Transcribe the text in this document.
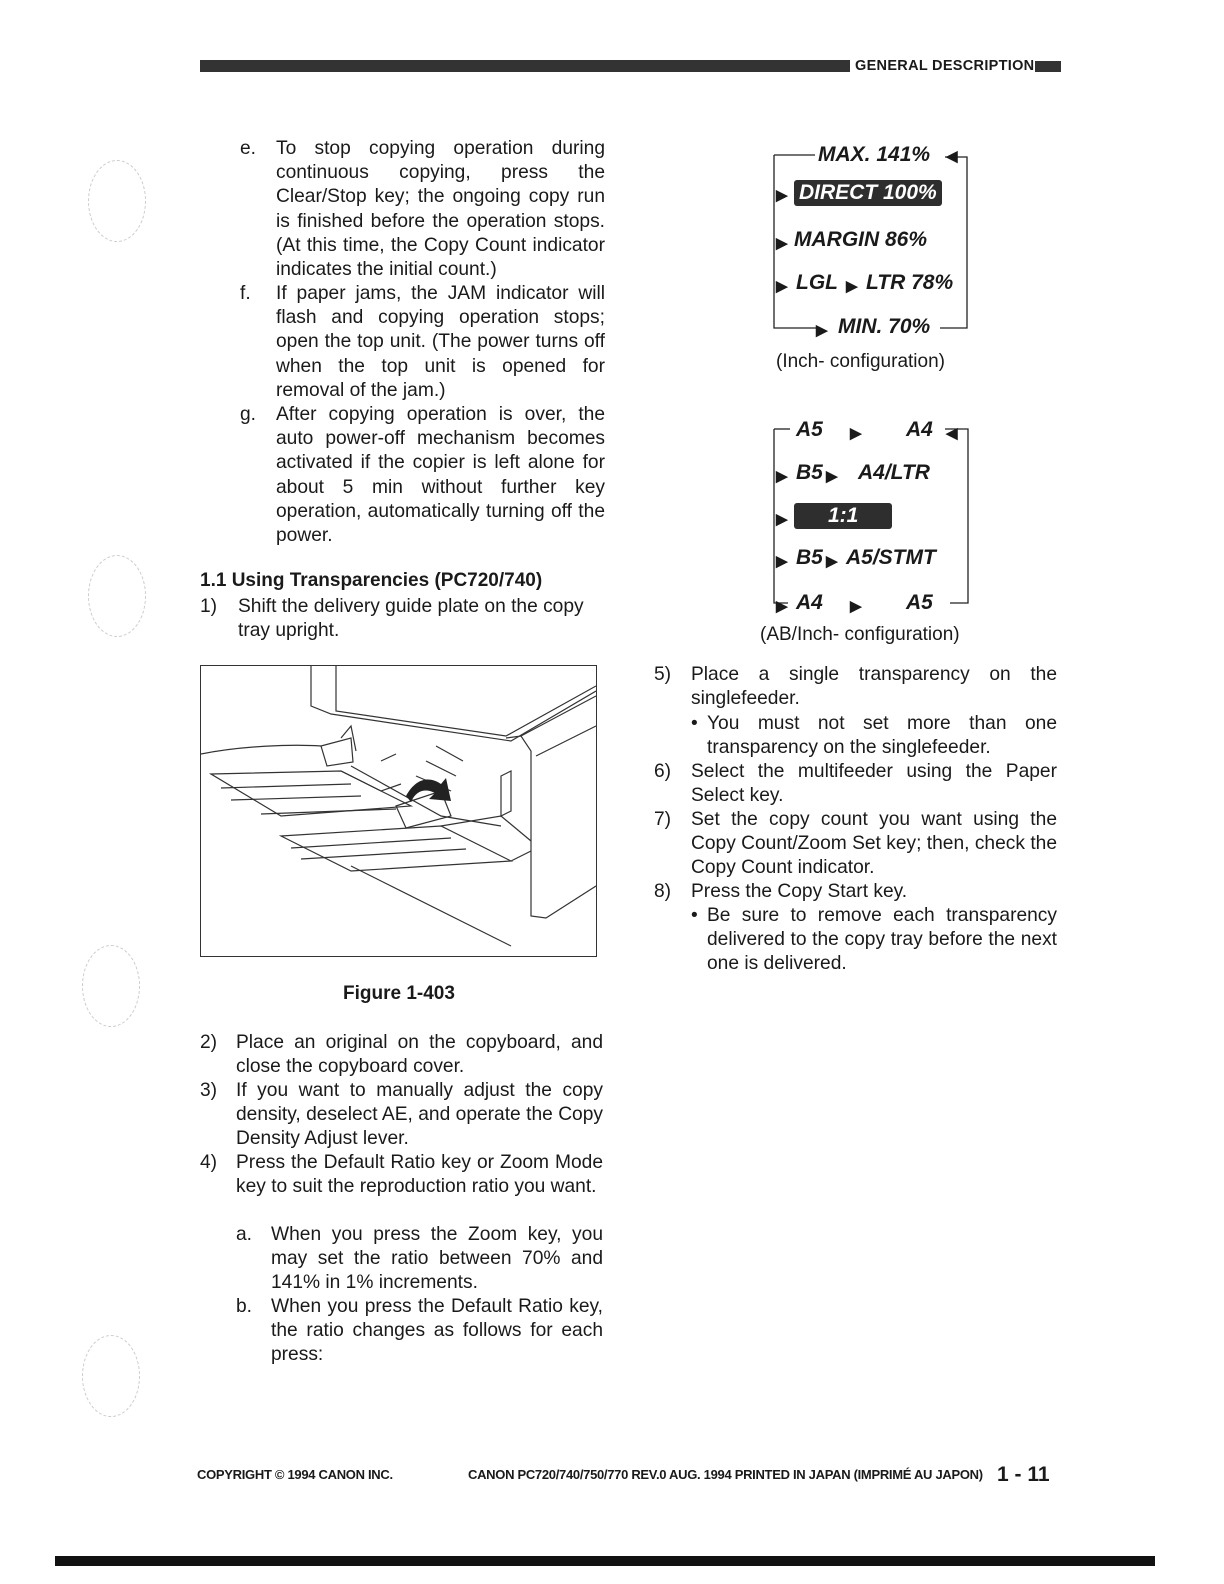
GENERAL DESCRIPTION
e. To stop copying operation during continuous copying, press the Clear/Stop key; the ongoing copy run is finished before the operation stops. (At this time, the Copy Count indicator indicates the initial count.)
f. If paper jams, the JAM indicator will flash and copying operation stops; open the top unit. (The power turns off when the top unit is opened for removal of the jam.)
g. After copying operation is over, the auto power-off mechanism becomes activated if the copier is left alone for about 5 min without further key operation, automatically turning off the power.
1.1 Using Transparencies (PC720/740)
1) Shift the delivery guide plate on the copy tray upright.
Figure 1-403
2) Place an original on the copyboard, and close the copyboard cover.
3) If you want to manually adjust the copy density, deselect AE, and operate the Copy Density Adjust lever.
4) Press the Default Ratio key or Zoom Mode key to suit the reproduction ratio you want.
a. When you press the Zoom key, you may set the ratio between 70% and 141% in 1% increments.
b. When you press the Default Ratio key, the ratio changes as follows for each press:
MAX. 141% ◀
▶ DIRECT 100%
▶ MARGIN 86%
▶ LGL ▶ LTR 78%
▶ MIN. 70%
(Inch- configuration)
A5 ▶ A4 ◀
▶ B5 ▶ A4/LTR
▶	1:1
▶ B5 ▶ A5/STMT
▶ A4 ▶ A5
(AB/Inch- configuration)
5) Place a single transparency on the singlefeeder.
• You must not set more than one transparency on the singlefeeder.
6) Select the multifeeder using the Paper Select key.
7) Set the copy count you want using the Copy Count/Zoom Set key; then, check the Copy Count indicator.
8) Press the Copy Start key.
• Be sure to remove each transparency delivered to the copy tray before the next one is delivered.
COPYRIGHT © 1994 CANON INC.	CANON PC720/740/750/770 REV.0 AUG. 1994 PRINTED IN JAPAN (IMPRIMÉ AU JAPON) 1 - 11
